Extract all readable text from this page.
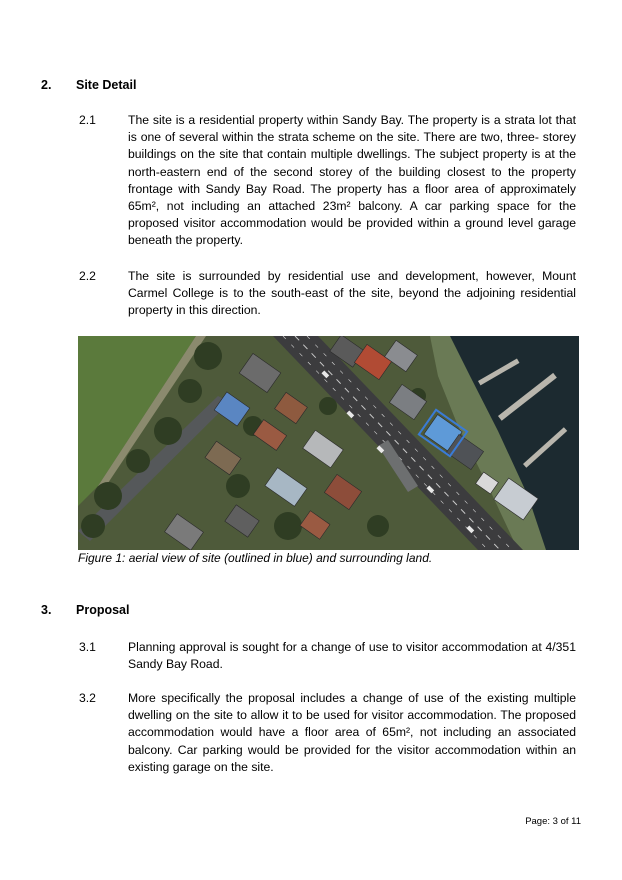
2. Site Detail
2.1	The site is a residential property within Sandy Bay. The property is a strata lot that
is one of several within the strata scheme on the site. There are two, three- storey
buildings on the site that contain multiple dwellings. The subject property is at the
north-eastern end of the second storey of the building closest to the property
frontage with Sandy Bay Road. The property has a floor area of approximately
65m², not including an attached 23m² balcony. A car parking space for the
proposed visitor accommodation would be provided within a ground level garage
beneath the property.
2.2	The site is surrounded by residential use and development, however, Mount
Carmel College is to the south-east of the site, beyond the adjoining residential
property in this direction.
Figure 1: aerial view of site (outlined in blue) and surrounding land.
3. Proposal
3.1	Planning approval is sought for a change of use to visitor accommodation at 4/351
Sandy Bay Road.
3.2	More specifically the proposal includes a change of use of the existing multiple
dwelling on the site to allow it to be used for visitor accommodation. The proposed
accommodation would have a floor area of 65m², not including an associated
balcony. Car parking would be provided for the visitor accommodation within an
existing garage on the site.
Page: 3 of 11
